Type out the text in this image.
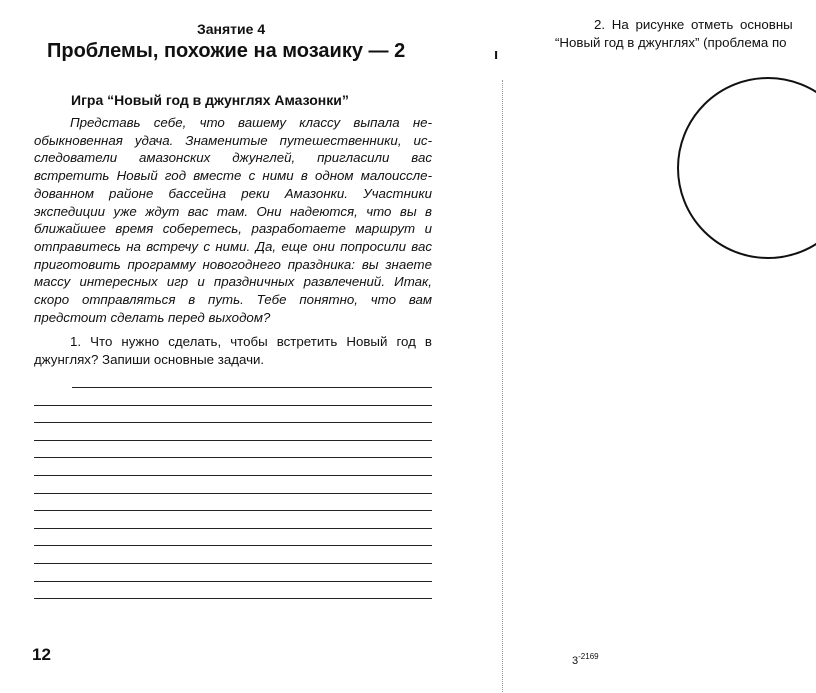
Занятие 4
Проблемы, похожие на мозаику — 2
Игра “Новый год в джунглях Амазонки”

Представь себе, что вашему классу выпала необыкновенная удача. Знаменитые путешественники, исследователи амазонских джунглей, пригласили вас встретить Новый год вместе с ними в одном малоисследованном районе бассейна реки Амазонки. Участники экспедиции уже ждут вас там. Они надеются, что вы в ближайшее время соберетесь, разработаете маршрут и отправитесь на встречу с ними. Да, еще они попросили вас приготовить программу новогоднего праздника: вы знаете массу интересных игр и праздничных развлечений. Итак, скоро отправляться в путь. Тебе понятно, что вам предстоит сделать перед выходом?

1. Что нужно сделать, чтобы встретить Новый год в джунглях? Запиши основные задачи.

12
ı
2. На рисунке отметь основны
“Новый год в джунглях” (проблема по
$3^{-2169}$
